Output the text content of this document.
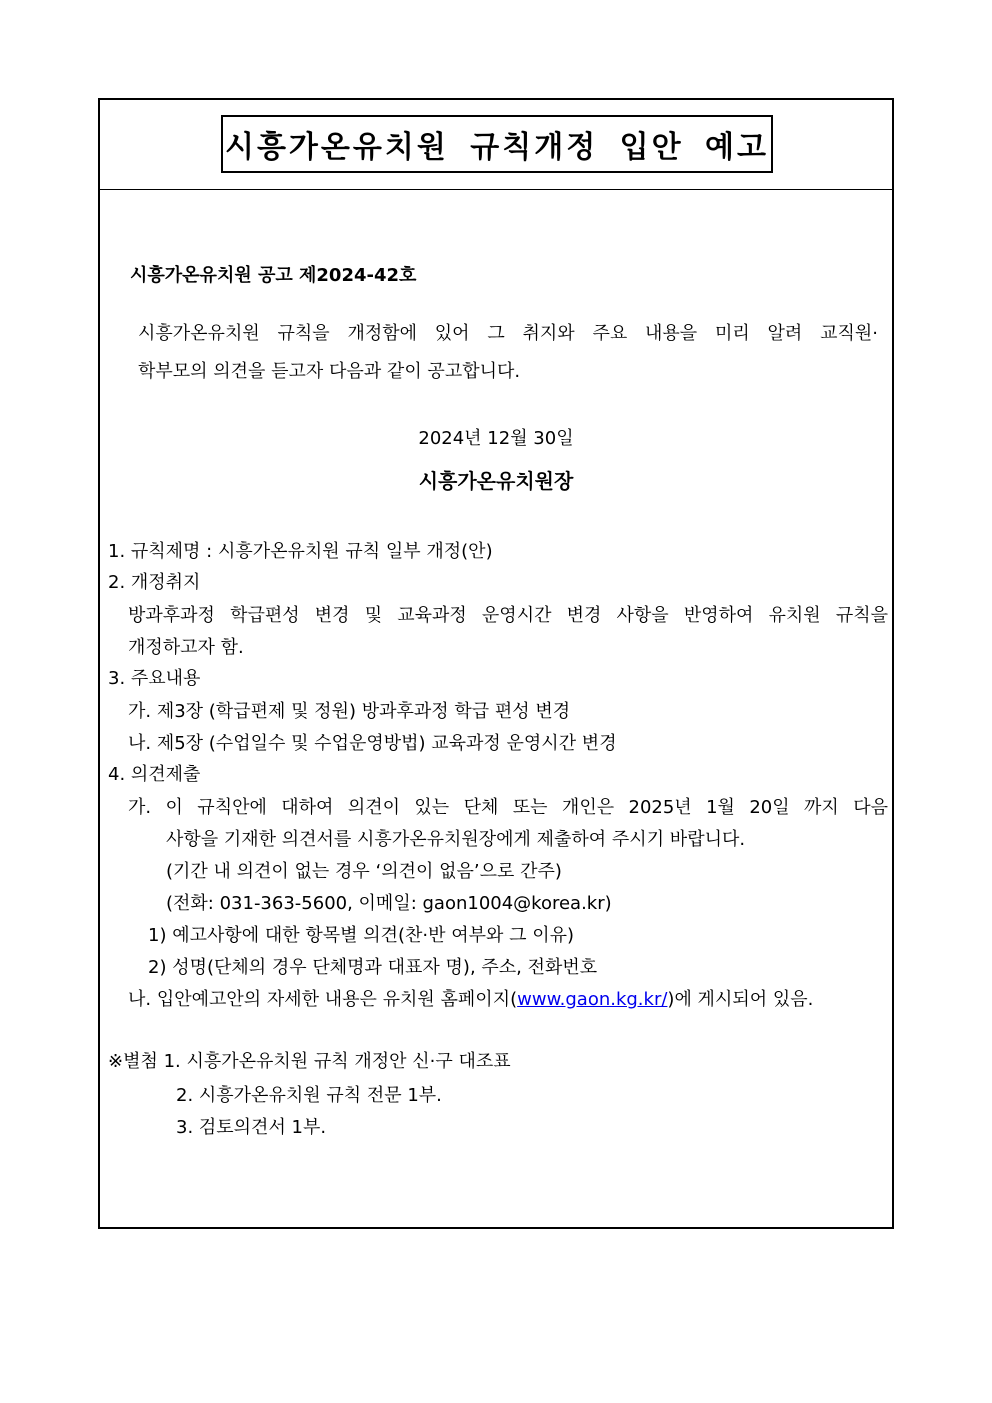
시흥가온유치원 규칙개정 입안 예고
시흥가온유치원 공고 제2024-42호
시흥가온유치원 규칙을 개정함에 있어 그 취지와 주요 내용을 미리 알려 교직원·
학부모의 의견을 듣고자 다음과 같이 공고합니다.
2024년 12월 30일
시흥가온유치원장
1. 규칙제명 : 시흥가온유치원 규칙 일부 개정(안)
2. 개정취지
방과후과정 학급편성 변경 및 교육과정 운영시간 변경 사항을 반영하여 유치원 규칙을
개정하고자 함.
3. 주요내용
가. 제3장 (학급편제 및 정원) 방과후과정 학급 편성 변경
나. 제5장 (수업일수 및 수업운영방법) 교육과정 운영시간 변경
4. 의견제출
가. 이 규칙안에 대하여 의견이 있는 단체 또는 개인은 2025년 1월 20일 까지 다음
사항을 기재한 의견서를 시흥가온유치원장에게 제출하여 주시기 바랍니다.
(기간 내 의견이 없는 경우 ‘의견이 없음’으로 간주)
(전화: 031-363-5600, 이메일: gaon1004@korea.kr)
1) 예고사항에 대한 항목별 의견(찬·반 여부와 그 이유)
2) 성명(단체의 경우 단체명과 대표자 명), 주소, 전화번호
나. 입안예고안의 자세한 내용은 유치원 홈페이지(www.gaon.kg.kr/)에 게시되어 있음.
※별첨 1. 시흥가온유치원 규칙 개정안 신·구 대조표
2. 시흥가온유치원 규칙 전문 1부.
3. 검토의견서 1부.
